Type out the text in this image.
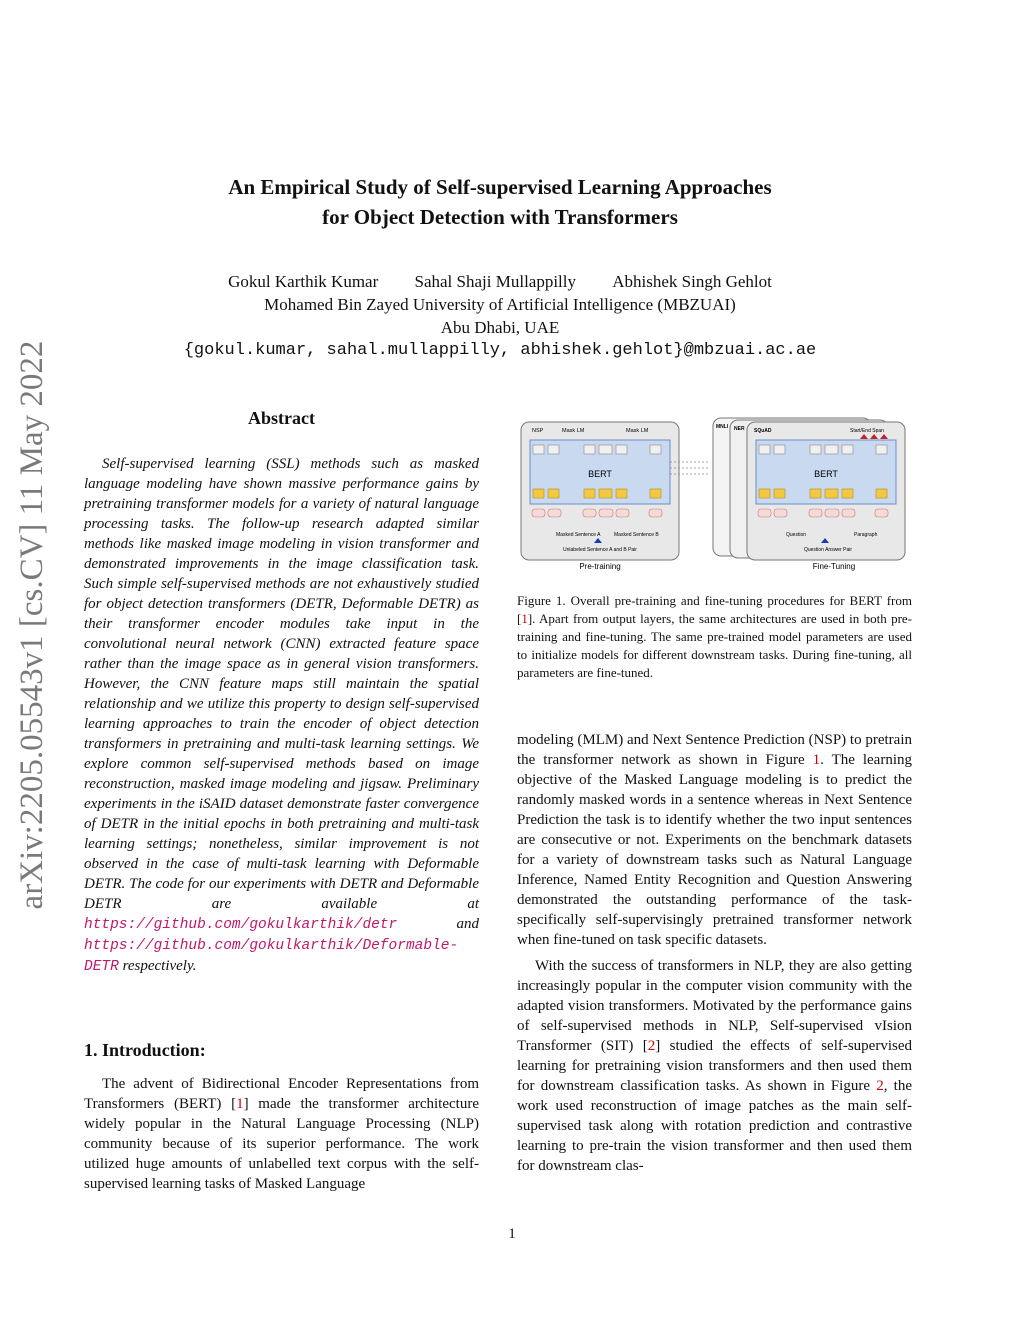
arXiv:2205.05543v1 [cs.CV] 11 May 2022
An Empirical Study of Self-supervised Learning Approaches
for Object Detection with Transformers
Gokul Karthik Kumar Sahal Shaji Mullappilly Abhishek Singh Gehlot
Mohamed Bin Zayed University of Artificial Intelligence (MBZUAI)
Abu Dhabi, UAE
{gokul.kumar, sahal.mullappilly, abhishek.gehlot}@mbzuai.ac.ae
Abstract
Self-supervised learning (SSL) methods such as masked language modeling have shown massive performance gains by pretraining transformer models for a variety of natural language processing tasks. The follow-up research adapted similar methods like masked image modeling in vision transformer and demonstrated improvements in the image classification task. Such simple self-supervised methods are not exhaustively studied for object detection transformers (DETR, Deformable DETR) as their transformer encoder modules take input in the convolutional neural network (CNN) extracted feature space rather than the image space as in general vision transformers. However, the CNN feature maps still maintain the spatial relationship and we utilize this property to design self-supervised learning approaches to train the encoder of object detection transformers in pretraining and multi-task learning settings. We explore common self-supervised methods based on image reconstruction, masked image modeling and jigsaw. Preliminary experiments in the iSAID dataset demonstrate faster convergence of DETR in the initial epochs in both pretraining and multi-task learning settings; nonetheless, similar improvement is not observed in the case of multi-task learning with Deformable DETR. The code for our experiments with DETR and Deformable DETR are available at https://github.com/gokulkarthik/detr	and https://github.com/gokulkarthik/Deformable-DETR respectively.
1. Introduction:
The advent of Bidirectional Encoder Representations from Transformers (BERT) [1] made the transformer architecture widely popular in the Natural Language Processing (NLP) community because of its superior performance. The work utilized huge amounts of unlabelled text corpus with the self-supervised learning tasks of Masked Language
BERT
NSP	Mask LM	Mask LM
Masked Sentence A	Masked Sentence B
Unlabeled Sentence A and B Pair
Pre-training
MNLI NER SQuAD
BERT
Start/End Span
Question	Paragraph
Question Answer Pair
Fine-Tuning
Figure 1. Overall pre-training and fine-tuning procedures for BERT from [1]. Apart from output layers, the same architectures are used in both pre-training and fine-tuning. The same pre-trained model parameters are used to initialize models for different downstream tasks. During fine-tuning, all parameters are fine-tuned.

modeling (MLM) and Next Sentence Prediction (NSP) to pretrain the transformer network as shown in Figure 1. The learning objective of the Masked Language modeling is to predict the randomly masked words in a sentence whereas in Next Sentence Prediction the task is to identify whether the two input sentences are consecutive or not. Experiments on the benchmark datasets for a variety of downstream tasks such as Natural Language Inference, Named Entity Recognition and Question Answering demonstrated the outstanding performance of the task-specifically self-supervisingly pretrained transformer network when fine-tuned on task specific datasets.

With the success of transformers in NLP, they are also getting increasingly popular in the computer vision community with the adapted vision transformers. Motivated by the performance gains of self-supervised methods in NLP, Self-supervised vIsion Transformer (SIT) [2] studied the effects of self-supervised learning for pretraining vision transformers and then used them for downstream classification tasks. As shown in Figure 2, the work used reconstruction of image patches as the main self-supervised task along with rotation prediction and contrastive learning to pre-train the vision transformer and then used them for downstream clas-

1
